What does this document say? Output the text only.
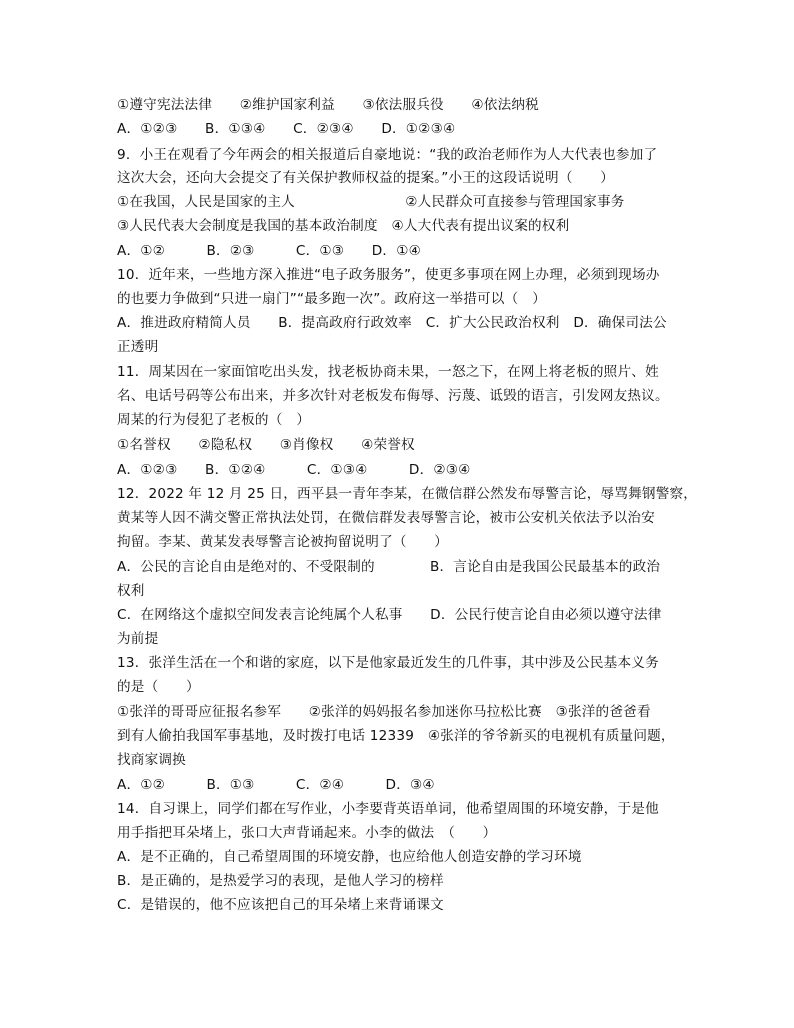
①遵守宪法法律　　②维护国家利益　　③依法服兵役　　④依法纳税
A．①②③　　B．①③④　　C．②③④　　D．①②③④
9．小王在观看了今年两会的相关报道后自豪地说：“我的政治老师作为人大代表也参加了
这次大会，还向大会提交了有关保护教师权益的提案。”小王的这段话说明（　　）
①在我国，人民是国家的主人　　　　　　　　②人民群众可直接参与管理国家事务
③人民代表大会制度是我国的基本政治制度　④人大代表有提出议案的权利
A．①②　　　B．②③　　　C．①③　　D．①④
10．近年来，一些地方深入推进“电子政务服务”，使更多事项在网上办理，必须到现场办
的也要力争做到“只进一扇门”“最多跑一次”。政府这一举措可以（　）
A．推进政府精简人员　　B．提高政府行政效率　C．扩大公民政治权利　D．确保司法公
正透明
11．周某因在一家面馆吃出头发，找老板协商未果，一怒之下，在网上将老板的照片、姓
名、电话号码等公布出来，并多次针对老板发布侮辱、污蔑、诋毁的语言，引发网友热议。
周某的行为侵犯了老板的（　）
①名誉权　　②隐私权　　③肖像权　　④荣誉权
A．①②③　　B．①②④　　　C．①③④　　　D．②③④
12．2022 年 12 月 25 日，西平县一青年李某，在微信群公然发布辱警言论，辱骂舞钢警察，
黄某等人因不满交警正常执法处罚，在微信群发表辱警言论，被市公安机关依法予以治安
拘留。李某、黄某发表辱警言论被拘留说明了（　　）
A．公民的言论自由是绝对的、不受限制的　　　　B．言论自由是我国公民最基本的政治
权利
C．在网络这个虚拟空间发表言论纯属个人私事　　D．公民行使言论自由必须以遵守法律
为前提
13．张洋生活在一个和谐的家庭，以下是他家最近发生的几件事，其中涉及公民基本义务
的是（　　）
①张洋的哥哥应征报名参军　　②张洋的妈妈报名参加迷你马拉松比赛　③张洋的爸爸看
到有人偷拍我国军事基地，及时拨打电话 12339　④张洋的爷爷新买的电视机有质量问题，
找商家调换
A．①②　　　B．①③　　　C．②④　　　D．③④
14．自习课上，同学们都在写作业，小李要背英语单词，他希望周围的环境安静，于是他
用手指把耳朵堵上，张口大声背诵起来。小李的做法　（　　）
A．是不正确的，自己希望周围的环境安静，也应给他人创造安静的学习环境
B．是正确的，是热爱学习的表现，是他人学习的榜样
C．是错误的，他不应该把自己的耳朵堵上来背诵课文
